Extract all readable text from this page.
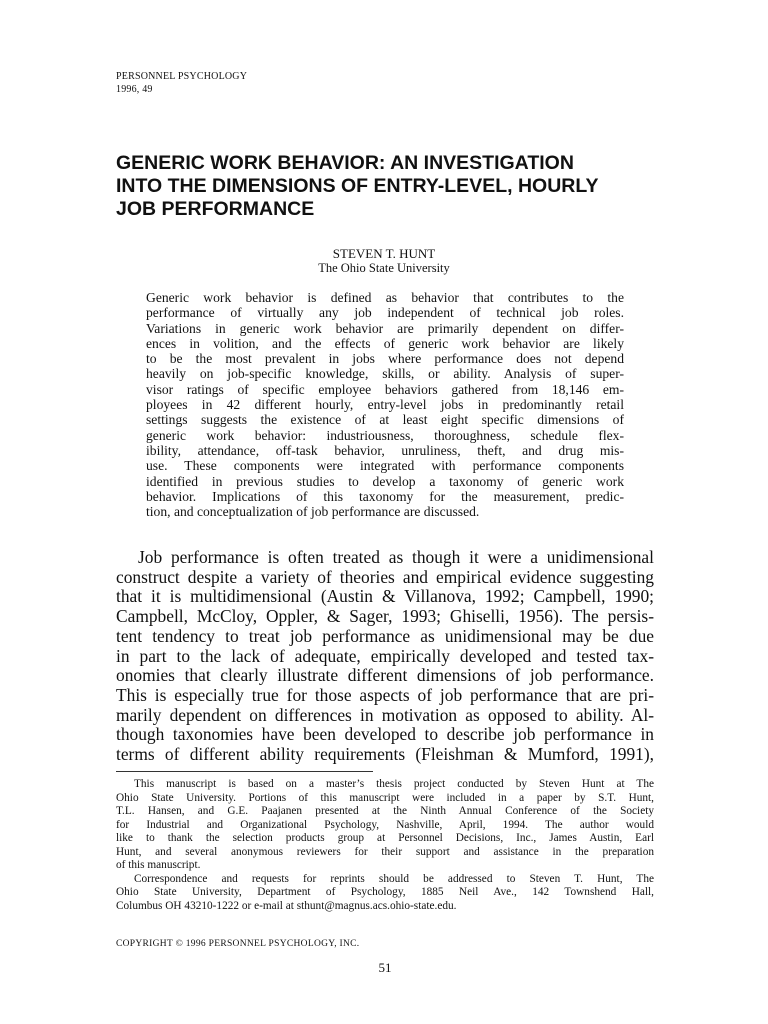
PERSONNEL PSYCHOLOGY
1996, 49
GENERIC WORK BEHAVIOR: AN INVESTIGATION
INTO THE DIMENSIONS OF ENTRY-LEVEL, HOURLY
JOB PERFORMANCE
STEVEN T. HUNT
The Ohio State University
Generic work behavior is defined as behavior that contributes to the
performance of virtually any job independent of technical job roles.
Variations in generic work behavior are primarily dependent on differ-
ences in volition, and the effects of generic work behavior are likely
to be the most prevalent in jobs where performance does not depend
heavily on job-specific knowledge, skills, or ability. Analysis of super-
visor ratings of specific employee behaviors gathered from 18,146 em-
ployees in 42 different hourly, entry-level jobs in predominantly retail
settings suggests the existence of at least eight specific dimensions of
generic work behavior: industriousness, thoroughness, schedule flex-
ibility, attendance, off-task behavior, unruliness, theft, and drug mis-
use. These components were integrated with performance components
identified in previous studies to develop a taxonomy of generic work
behavior. Implications of this taxonomy for the measurement, predic-
tion, and conceptualization of job performance are discussed.
Job performance is often treated as though it were a unidimensional
construct despite a variety of theories and empirical evidence suggesting
that it is multidimensional (Austin & Villanova, 1992; Campbell, 1990;
Campbell, McCloy, Oppler, & Sager, 1993; Ghiselli, 1956). The persis-
tent tendency to treat job performance as unidimensional may be due
in part to the lack of adequate, empirically developed and tested tax-
onomies that clearly illustrate different dimensions of job performance.
This is especially true for those aspects of job performance that are pri-
marily dependent on differences in motivation as opposed to ability. Al-
though taxonomies have been developed to describe job performance in
terms of different ability requirements (Fleishman & Mumford, 1991),
This manuscript is based on a master’s thesis project conducted by Steven Hunt at The
Ohio State University. Portions of this manuscript were included in a paper by S.T. Hunt,
T.L. Hansen, and G.E. Paajanen presented at the Ninth Annual Conference of the Society
for Industrial and Organizational Psychology, Nashville, April, 1994. The author would
like to thank the selection products group at Personnel Decisions, Inc., James Austin, Earl
Hunt, and several anonymous reviewers for their support and assistance in the preparation
of this manuscript.
Correspondence and requests for reprints should be addressed to Steven T. Hunt, The
Ohio State University, Department of Psychology, 1885 Neil Ave., 142 Townshend Hall,
Columbus OH 43210-1222 or e-mail at sthunt@magnus.acs.ohio-state.edu.
COPYRIGHT © 1996 PERSONNEL PSYCHOLOGY, INC.
51
